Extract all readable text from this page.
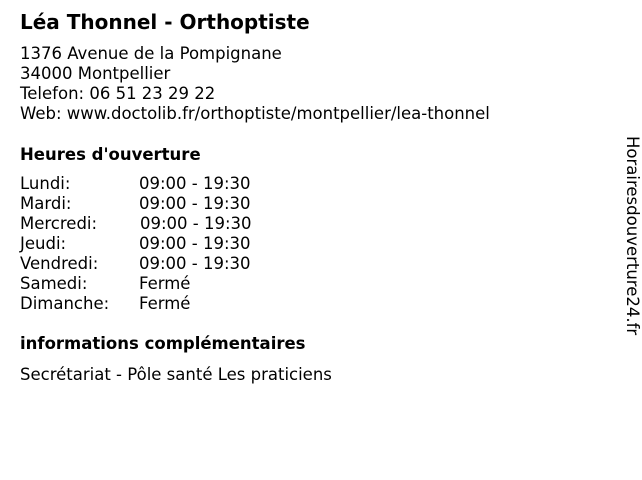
Léa Thonnel - Orthoptiste
1376 Avenue de la Pompignane
34000 Montpellier
Telefon: 06 51 23 29 22
Web: www.doctolib.fr/orthoptiste/montpellier/lea-thonnel
Heures d'ouverture
Lundi:	09:00 - 19:30
Mardi:	09:00 - 19:30
Mercredi:	09:00 - 19:30
Jeudi:	09:00 - 19:30
Vendredi: 09:00 - 19:30
Samedi:	Fermé
Dimanche: Fermé
informations complémentaires
Secrétariat - Pôle santé Les praticiens
Horairesdouverture24.fr
